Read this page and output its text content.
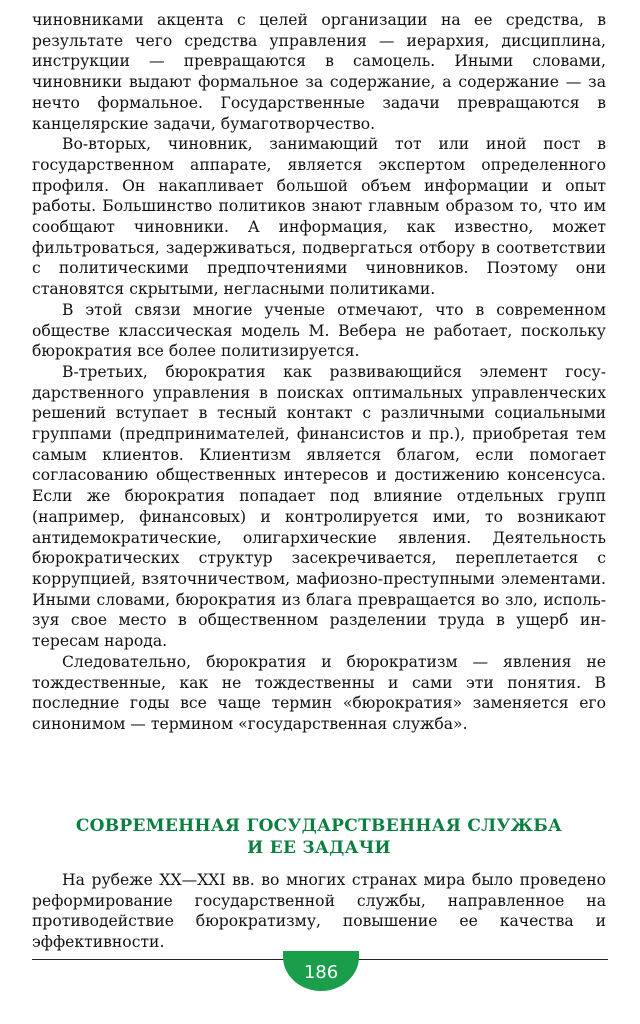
чиновниками акцента с целей организации на ее средства, в результате чего средства управления — иерархия, дисциплина, инструкции — превращаются в самоцель. Иными словами, чиновники выдают формальное за содержание, а содержание — за нечто формальное. Государственные задачи превращаются в канцелярские задачи, бумаготворчество.

Во-вторых, чиновник, занимающий тот или иной пост в государственном аппарате, является экспертом определенного профиля. Он накапливает большой объем информации и опыт работы. Большинство политиков знают главным образом то, что им сообщают чиновники. А информация, как известно, может фильтроваться, задерживаться, подвергаться отбору в соответствии с политическими предпочтениями чиновников. Поэтому они становятся скрытыми, негласными политиками.

В этой связи многие ученые отмечают, что в современном обществе классическая модель М. Вебера не работает, поскольку бюрократия все более политизируется.

В-третьих, бюрократия как развивающийся элемент государственного управления в поисках оптимальных управленческих решений вступает в тесный контакт с различными социальными группами (предпринимателей, финансистов и пр.), приобретая тем самым клиентов. Клиентизм является благом, если помогает согласованию общественных интересов и достижению консенсуса. Если же бюрократия попадает под влияние отдельных групп (например, финансовых) и контролируется ими, то возникают антидемократические, олигархические явления. Деятельность бюрократических структур засекречивается, переплетается с коррупцией, взяточничеством, мафиозно-преступными элементами. Иными словами, бюрократия из блага превращается во зло, используя свое место в общественном разделении труда в ущерб интересам народа.

Следовательно, бюрократия и бюрократизм — явления не тождественные, как не тождественны и сами эти понятия. В последние годы все чаще термин «бюрократия» заменяется его синонимом — термином «государственная служба».

СОВРЕМЕННАЯ ГОСУДАРСТВЕННАЯ СЛУЖБА
И ЕЕ ЗАДАЧИ

На рубеже XX—XXI вв. во многих странах мира было проведено реформирование государственной службы, направленное на противодействие бюрократизму, повышение ее качества и эффективности.

186
